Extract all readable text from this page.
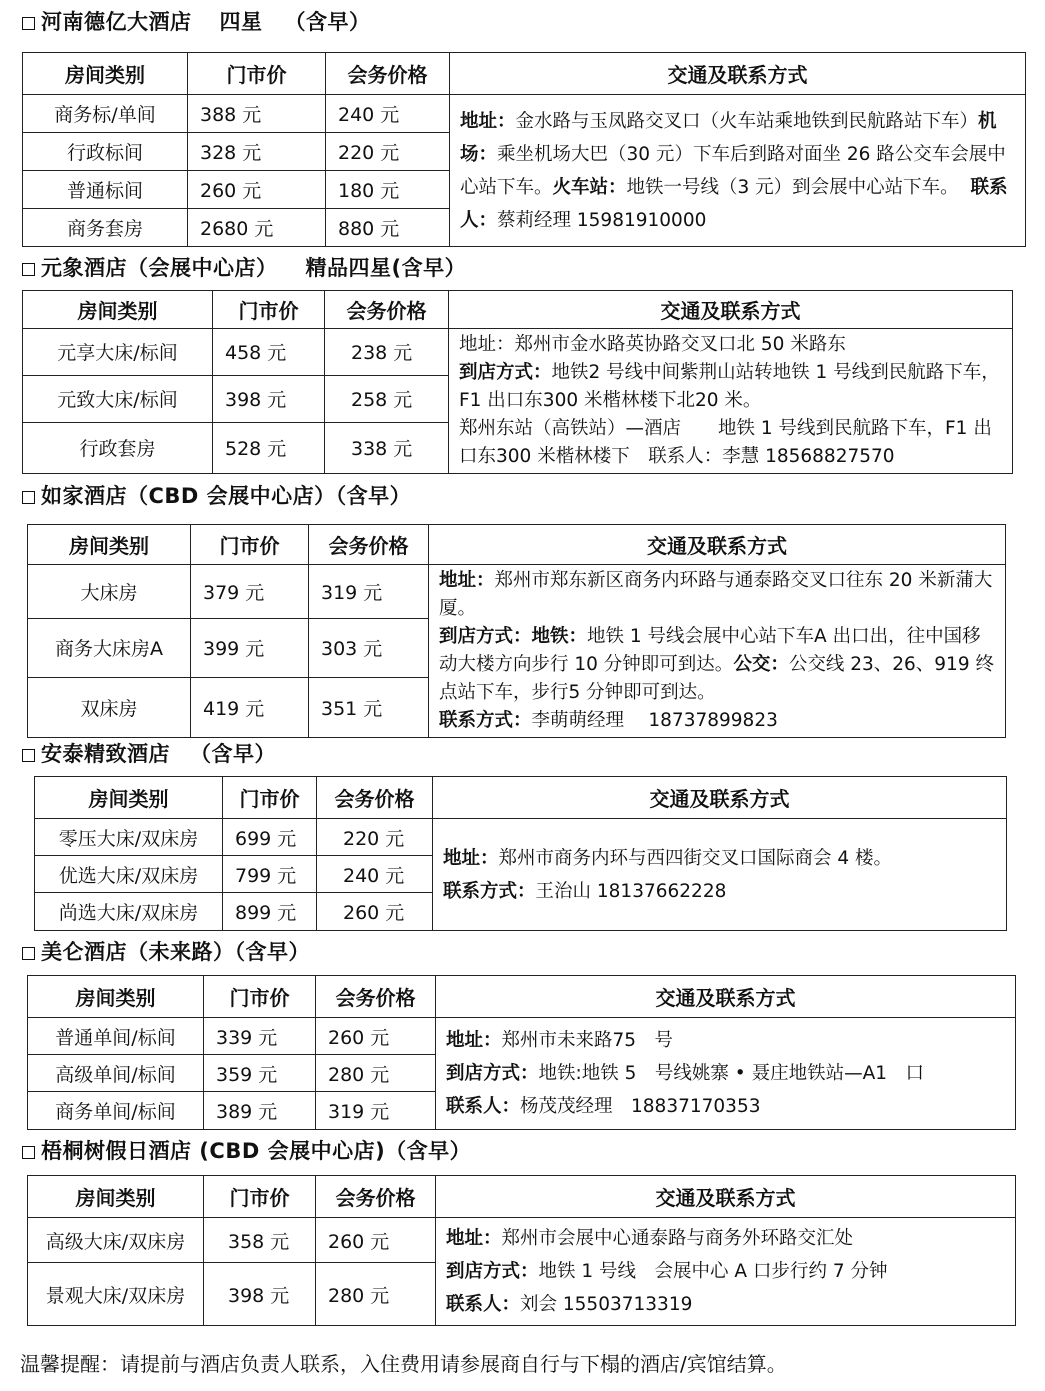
河南德亿大酒店 四星 （含早）
房间类别	门市价	会务价格	交通及联系方式
商务标/单间	388 元	240 元	地址：金水路与玉凤路交叉口（火车站乘地铁到民航路站下车）机场：乘坐机场大巴（30 元）下车后到路对面坐 26 路公交车会展中心站下车。火车站：地铁一号线（3 元）到会展中心站下车。 联系人：蔡莉经理 15981910000
行政标间	328 元	220 元	
普通标间	260 元	180 元	
商务套房	2680 元	880 元	
元象酒店（会展中心店） 精品四星(含早）
房间类别	门市价	会务价格	交通及联系方式
元享大床/标间	458 元	238 元	地址：郑州市金水路英协路交叉口北 50 米路东
到店方式：地铁2 号线中间紫荆山站转地铁 1 号线到民航路下车，F1 出口东300 米楷林楼下北20 米。
郑州东站（高铁站）—酒店　　地铁 1 号线到民航路下车，F1 出口东300 米楷林楼下　联系人：李慧 18568827570
元致大床/标间	398 元	258 元	
行政套房	528 元	338 元	
如家酒店（CBD 会展中心店）（含早）
房间类别	门市价	会务价格	交通及联系方式
大床房	379 元	319 元	地址：郑州市郑东新区商务内环路与通泰路交叉口往东 20 米新蒲大厦。
到店方式：地铁：地铁 1 号线会展中心站下车A 出口出，往中国移动大楼方向步行 10 分钟即可到达。公交：公交线 23、26、919 终点站下车，步行5 分钟即可到达。
联系方式：李萌萌经理　 18737899823
商务大床房A	399 元	303 元	
双床房	419 元	351 元	
安泰精致酒店 （含早）
房间类别	门市价	会务价格	交通及联系方式
零压大床/双床房	699 元	220 元	地址：郑州市商务内环与西四街交叉口国际商会 4 楼。
联系方式：王治山 18137662228
优选大床/双床房	799 元	240 元	
尚选大床/双床房	899 元	260 元	
美仑酒店（未来路）（含早）
房间类别	门市价	会务价格	交通及联系方式
普通单间/标间	339 元	260 元	地址：郑州市未来路75　号
到店方式：地铁:地铁 5　号线姚寨 • 聂庄地铁站—A1　口
联系人：杨茂茂经理　18837170353
高级单间/标间	359 元	280 元	
商务单间/标间	389 元	319 元	
梧桐树假日酒店 (CBD 会展中心店)（含早）
房间类别	门市价	会务价格	交通及联系方式
高级大床/双床房	358 元	260 元	地址：郑州市会展中心通泰路与商务外环路交汇处
到店方式：地铁 1 号线　会展中心 A 口步行约 7 分钟
联系人：刘会 15503713319
景观大床/双床房	398 元	280 元	
温馨提醒：请提前与酒店负责人联系，入住费用请参展商自行与下榻的酒店/宾馆结算。
